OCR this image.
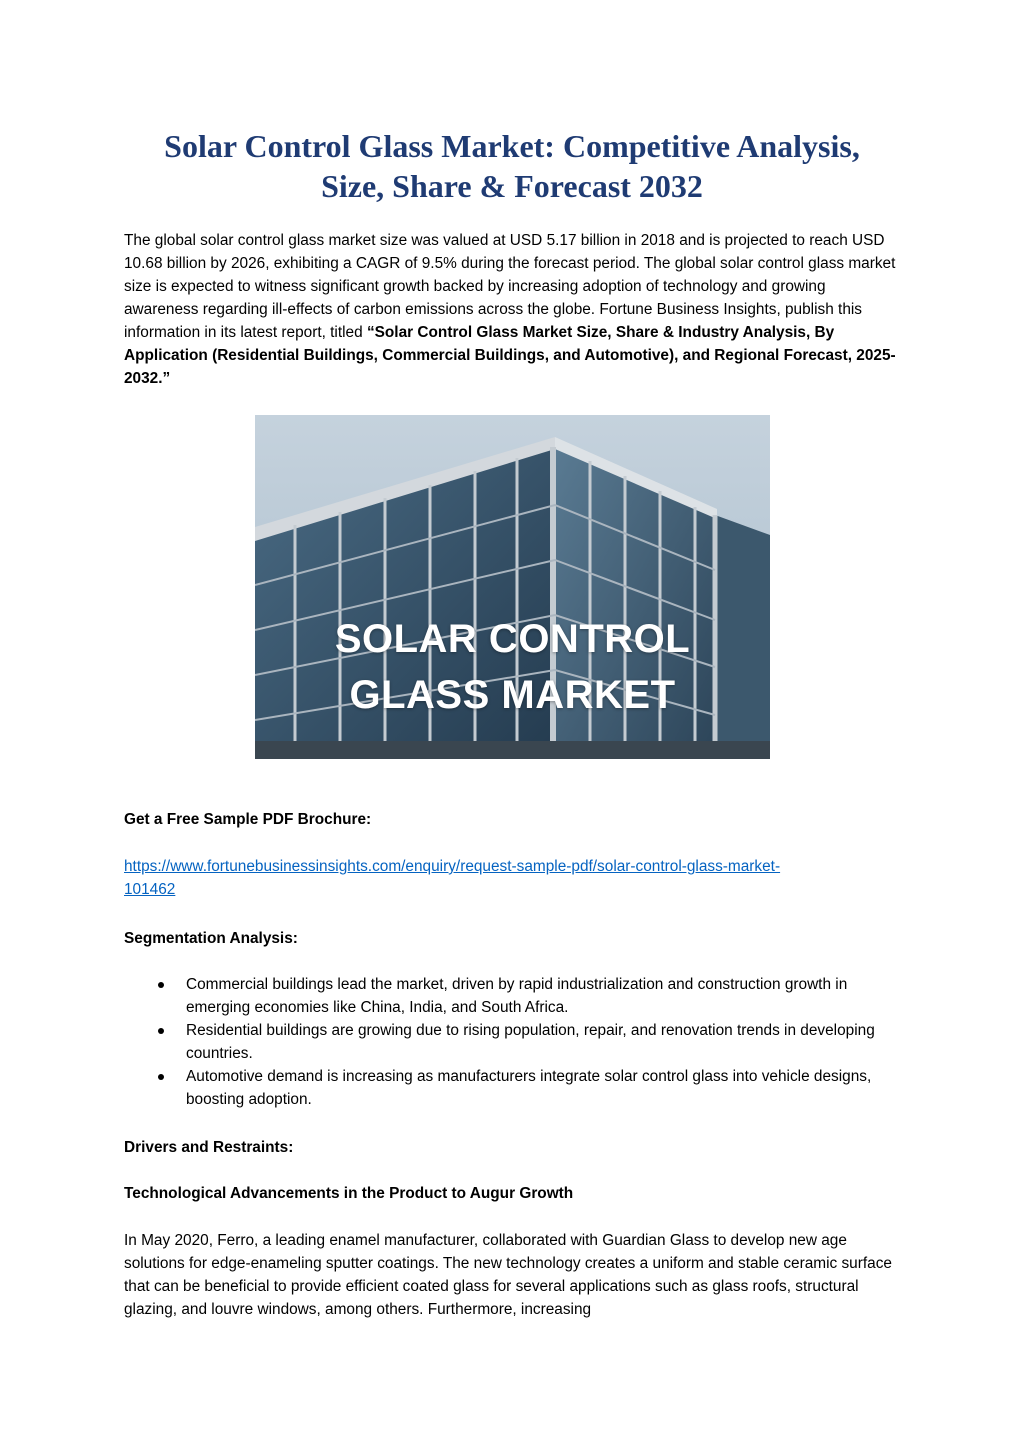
Solar Control Glass Market: Competitive Analysis,
Size, Share & Forecast 2032

The global solar control glass market size was valued at USD 5.17 billion in 2018 and is projected to reach USD 10.68 billion by 2026, exhibiting a CAGR of 9.5% during the forecast period. The global solar control glass market size is expected to witness significant growth backed by increasing adoption of technology and growing awareness regarding ill-effects of carbon emissions across the globe. Fortune Business Insights, publish this information in its latest report, titled “Solar Control Glass Market Size, Share & Industry Analysis, By Application (Residential Buildings, Commercial Buildings, and Automotive), and Regional Forecast, 2025-2032.”

SOLAR CONTROL
GLASS MARKET

Get a Free Sample PDF Brochure:

https://www.fortunebusinessinsights.com/enquiry/request-sample-pdf/solar-control-glass-market-
101462

Segmentation Analysis:

Commercial buildings lead the market, driven by rapid industrialization and construction growth in emerging economies like China, India, and South Africa.
Residential buildings are growing due to rising population, repair, and renovation trends in developing countries.
Automotive demand is increasing as manufacturers integrate solar control glass into vehicle designs, boosting adoption.

Drivers and Restraints:

Technological Advancements in the Product to Augur Growth

In May 2020, Ferro, a leading enamel manufacturer, collaborated with Guardian Glass to develop new age solutions for edge-enameling sputter coatings. The new technology creates a uniform and stable ceramic surface that can be beneficial to provide efficient coated glass for several applications such as glass roofs, structural glazing, and louvre windows, among others. Furthermore, increasing
